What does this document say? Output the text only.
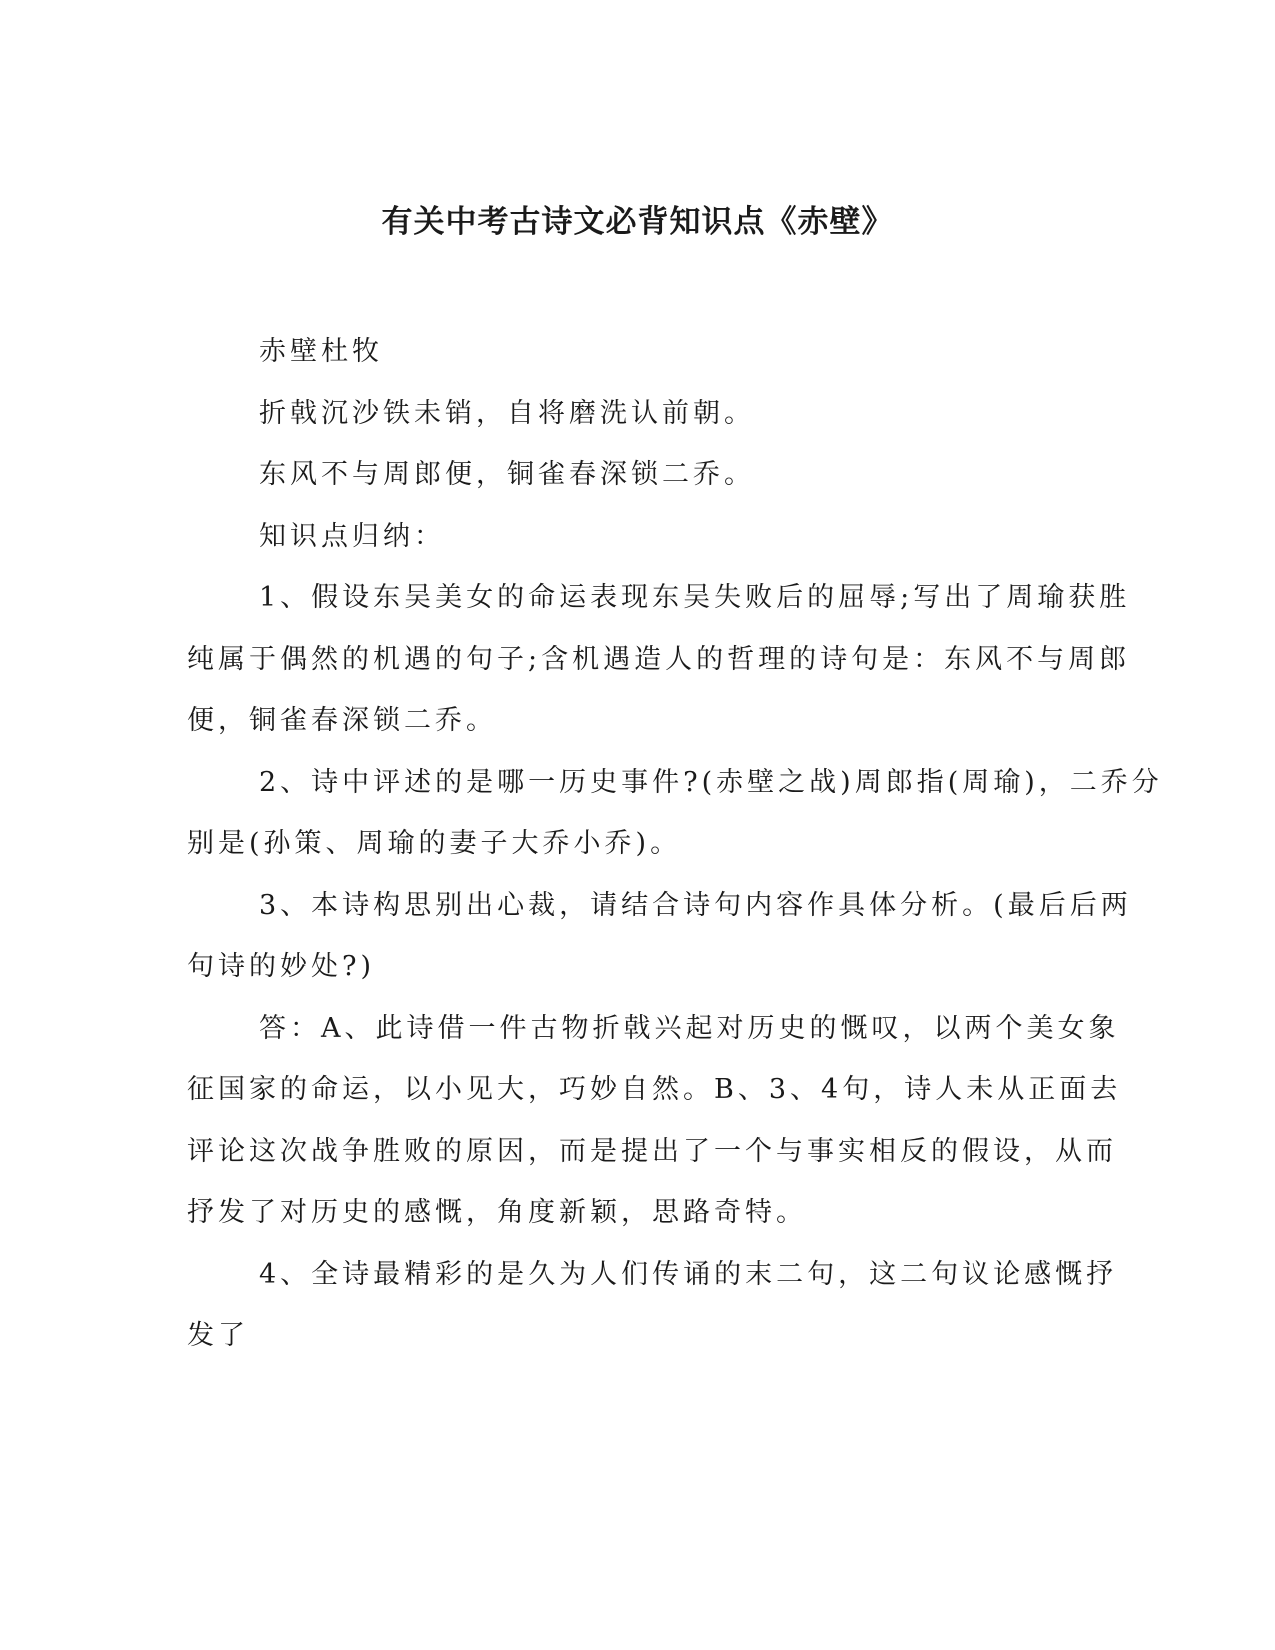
有关中考古诗文必背知识点《赤壁》
赤壁杜牧
折戟沉沙铁未销，自将磨洗认前朝。
东风不与周郎便，铜雀春深锁二乔。
知识点归纳：
1、假设东吴美女的命运表现东吴失败后的屈辱;写出了周瑜获胜
纯属于偶然的机遇的句子;含机遇造人的哲理的诗句是：东风不与周郎
便，铜雀春深锁二乔。
2、诗中评述的是哪一历史事件?(赤壁之战)周郎指(周瑜)，二乔分
别是(孙策、周瑜的妻子大乔小乔)。
3、本诗构思别出心裁，请结合诗句内容作具体分析。(最后后两
句诗的妙处?)
答：A、此诗借一件古物折戟兴起对历史的慨叹，以两个美女象
征国家的命运，以小见大，巧妙自然。B、3、4句，诗人未从正面去
评论这次战争胜败的原因，而是提出了一个与事实相反的假设，从而
抒发了对历史的感慨，角度新颖，思路奇特。
4、全诗最精彩的是久为人们传诵的末二句，这二句议论感慨抒
发了
